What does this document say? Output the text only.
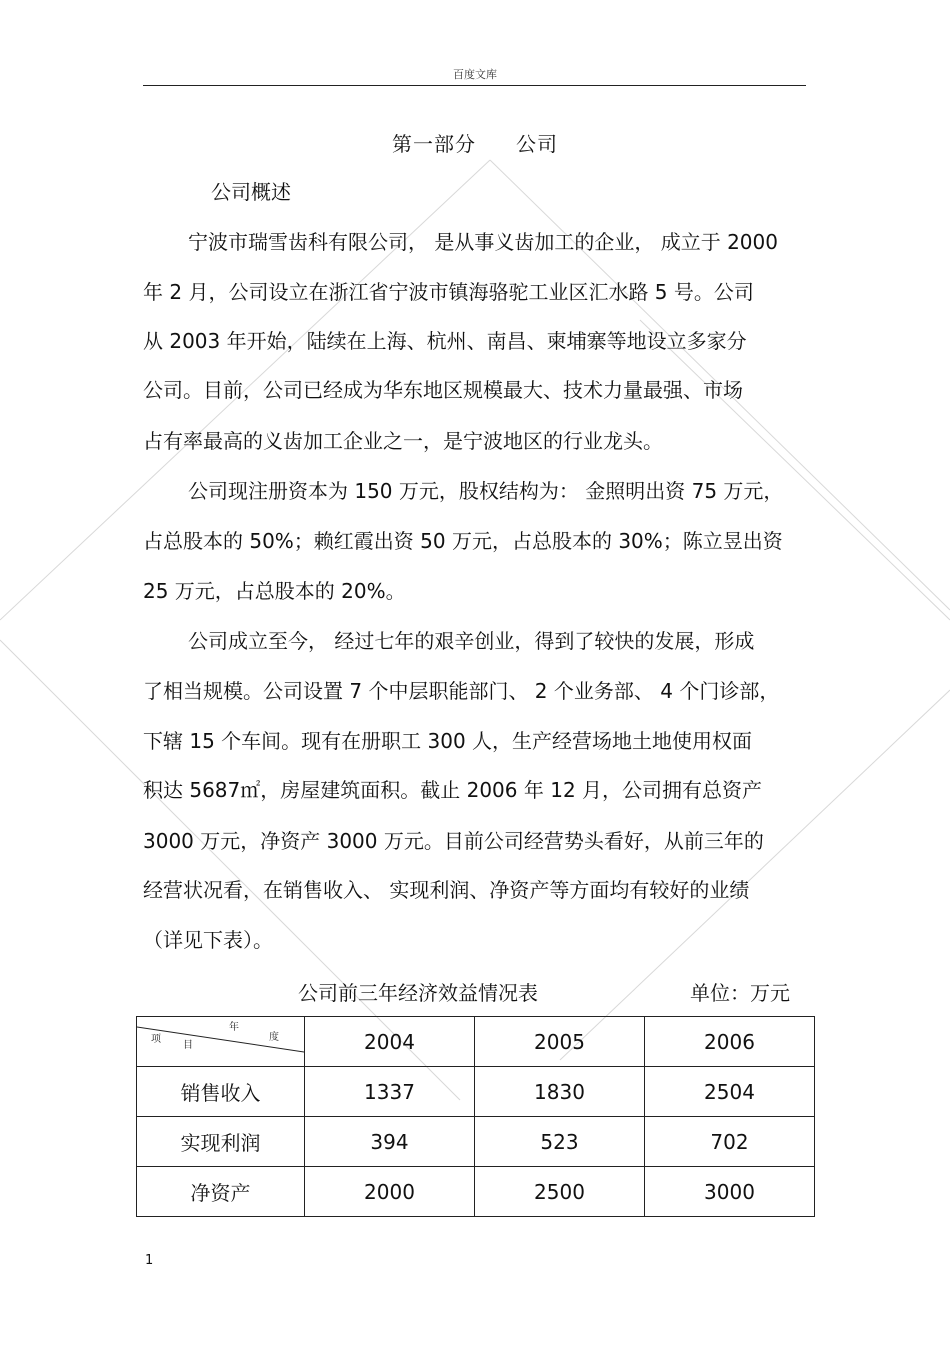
百度文库
第一部分 公司
公司概述
宁波市瑞雪齿科有限公司， 是从事义齿加工的企业， 成立于 2000
年 2 月，公司设立在浙江省宁波市镇海骆驼工业区汇水路 5 号。公司
从 2003 年开始，陆续在上海、杭州、南昌、柬埔寨等地设立多家分
公司。目前，公司已经成为华东地区规模最大、技术力量最强、市场
占有率最高的义齿加工企业之一，是宁波地区的行业龙头。
公司现注册资本为 150 万元，股权结构为： 金照明出资 75 万元，
占总股本的 50%；赖红霞出资 50 万元，占总股本的 30%；陈立昱出资
25 万元，占总股本的 20%。
公司成立至今， 经过七年的艰辛创业，得到了较快的发展，形成
了相当规模。公司设置 7 个中层职能部门、 2 个业务部、 4 个门诊部，
下辖 15 个车间。现有在册职工 300 人，生产经营场地土地使用权面
积达 5687㎡，房屋建筑面积。截止 2006 年 12 月，公司拥有总资产
3000 万元，净资产 3000 万元。目前公司经营势头看好，从前三年的
经营状况看，在销售收入、 实现利润、净资产等方面均有较好的业绩
（详见下表）。
公司前三年经济效益情况表	单位：万元
年
度
项
目	2004	2005	2006
销售收入	1337	1830	2504
实现利润	394	523	702
净资产	2000	2500	3000
1
